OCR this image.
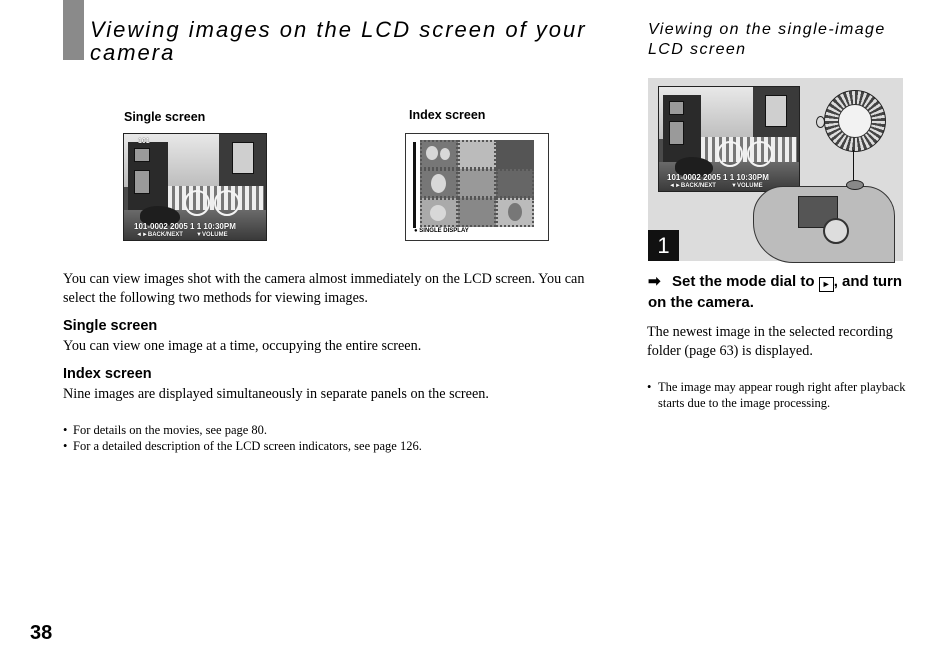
Viewing images on the LCD screen of your camera
Single screen	Index screen
101
101-0002 2005 1 1 10:30PM
◄►BACK/NEXT ▼VOLUME
● SINGLE DISPLAY
You can view images shot with the camera almost immediately on the LCD screen. You can select the following two methods for viewing images.
Single screen
You can view one image at a time, occupying the entire screen.
Index screen
Nine images are displayed simultaneously in separate panels on the screen.
• For details on the movies, see page 80.
• For a detailed description of the LCD screen indicators, see page 126.
Viewing on the single-image LCD screen
101-0002 2005 1 1 10:30PM
◄►BACK/NEXT	▼VOLUME
1
➡ Set the mode dial to ► , and turn on the camera.
The newest image in the selected recording folder (page 63) is displayed.
• The image may appear rough right after playback starts due to the image processing.
38
